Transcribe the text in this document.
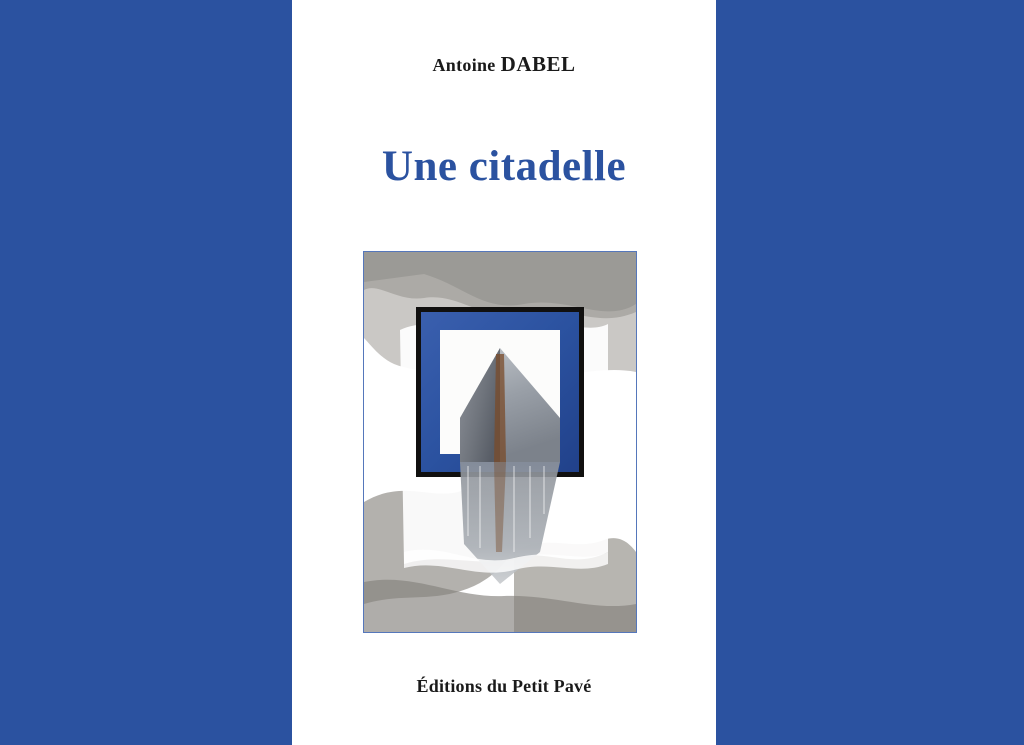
Antoine DABEL
Une citadelle
Éditions du Petit Pavé
